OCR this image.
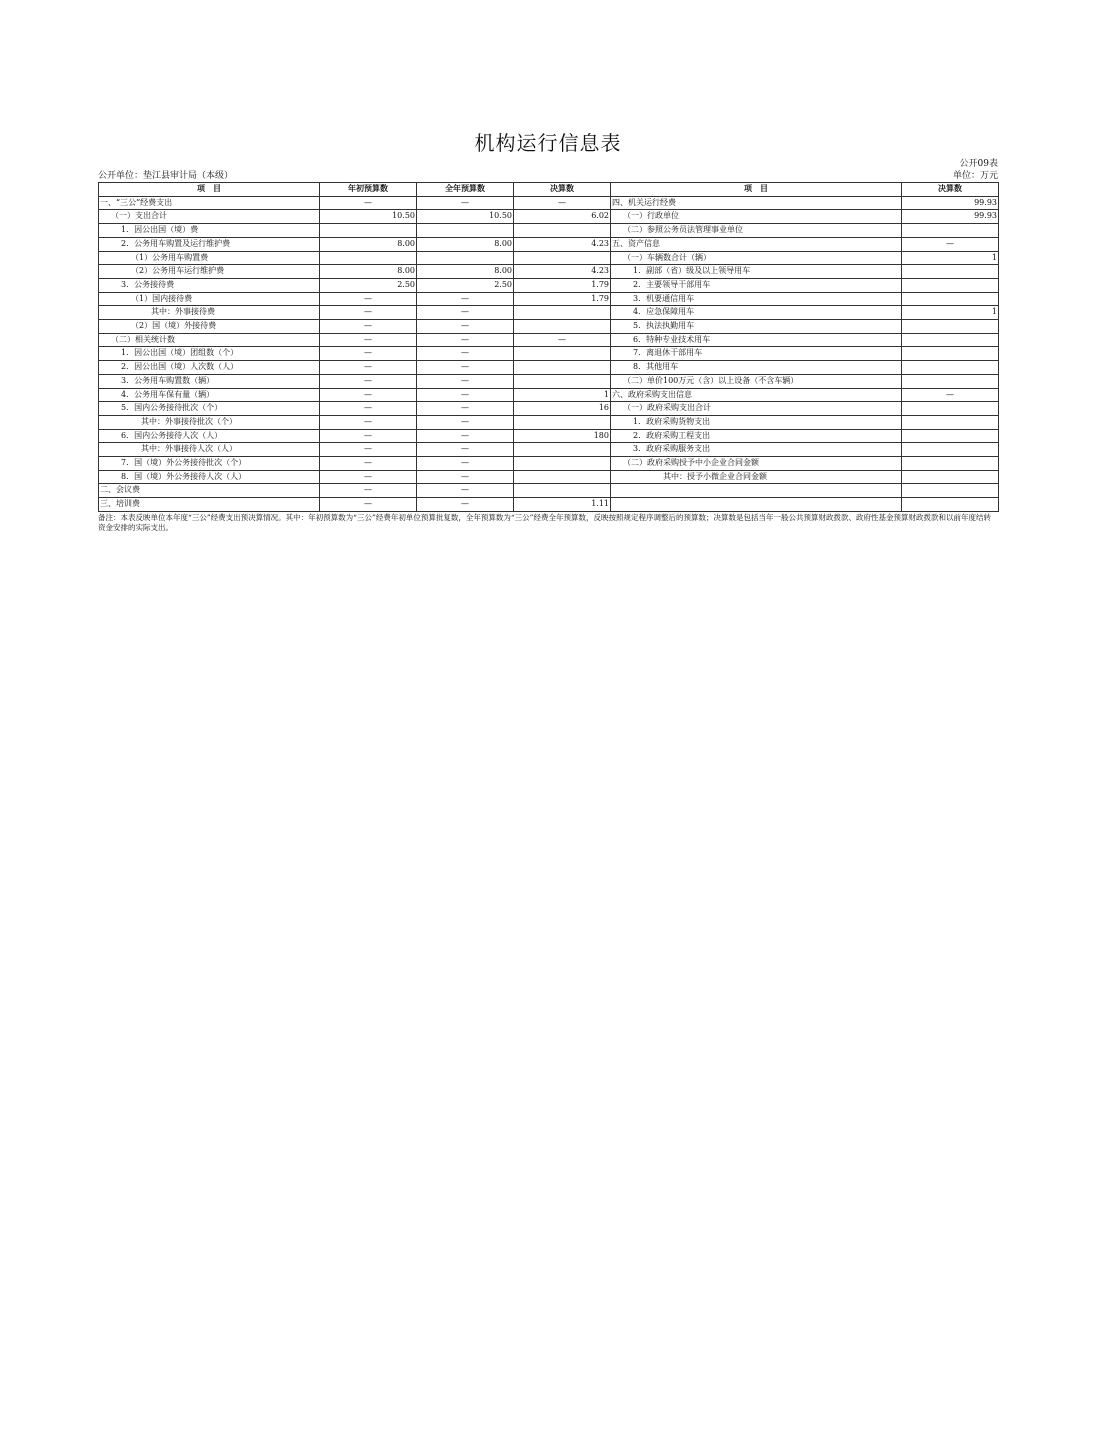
机构运行信息表
公开09表
公开单位：垫江县审计局（本级）	单位：万元
项　目	年初预算数	全年预算数	决算数	项　目	决算数
一、“三公”经费支出	—	—	—	四、机关运行经费	99.93
（一）支出合计	10.50	10.50	6.02	（一）行政单位	99.93
1．因公出国（境）费				（二）参照公务员法管理事业单位	
2．公务用车购置及运行维护费	8.00	8.00	4.23	五、资产信息	—
（1）公务用车购置费				（一）车辆数合计（辆）	1
（2）公务用车运行维护费	8.00	8.00	4.23	1．副部（省）级及以上领导用车	
3．公务接待费	2.50	2.50	1.79	2．主要领导干部用车	
（1）国内接待费	—	—	1.79	3．机要通信用车	
其中：外事接待费	—	—		4．应急保障用车	1
（2）国（境）外接待费	—	—		5．执法执勤用车	
（二）相关统计数	—	—	—	6．特种专业技术用车	
1．因公出国（境）团组数（个）	—	—		7．离退休干部用车	
2．因公出国（境）人次数（人）	—	—		8．其他用车	
3．公务用车购置数（辆）	—	—		（二）单价100万元（含）以上设备（不含车辆）	
4．公务用车保有量（辆）	—	—	1	六、政府采购支出信息	—
5．国内公务接待批次（个）	—	—	16	（一）政府采购支出合计	
其中：外事接待批次（个）	—	—		1．政府采购货物支出	
6．国内公务接待人次（人）	—	—	180	2．政府采购工程支出	
其中：外事接待人次（人）	—	—		3．政府采购服务支出	
7．国（境）外公务接待批次（个）	—	—		（二）政府采购授予中小企业合同金额	
8．国（境）外公务接待人次（人）	—	—		其中：授予小微企业合同金额	
二、会议费	—	—			
三、培训费	—	—	1.11		
备注：本表反映单位本年度“三公”经费支出预决算情况。其中：年初预算数为“三公”经费年初单位预算批复数，全年预算数为“三公”经费全年预算数，反映按照规定程序调整后的预算数；决算数是包括当年一般公共预算财政拨款、政府性基金预算财政拨款和以前年度结转资金安排的实际支出。
